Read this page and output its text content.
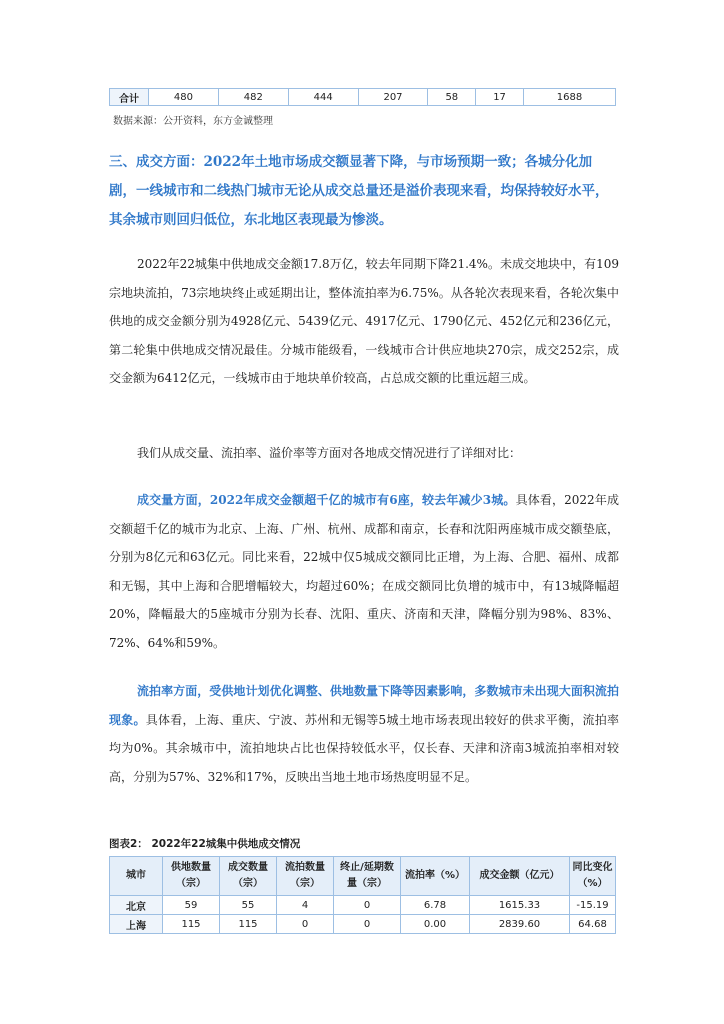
合计	480	482	444	207	58	17	1688
数据来源：公开资料，东方金诚整理
三、成交方面：2022年土地市场成交额显著下降，与市场预期一致；各城分化加剧，一线城市和二线热门城市无论从成交总量还是溢价表现来看，均保持较好水平，其余城市则回归低位，东北地区表现最为惨淡。
2022年22城集中供地成交金额17.8万亿，较去年同期下降21.4%。未成交地块中，有109宗地块流拍，73宗地块终止或延期出让，整体流拍率为6.75%。从各轮次表现来看，各轮次集中供地的成交金额分别为4928亿元、5439亿元、4917亿元、1790亿元、452亿元和236亿元，第二轮集中供地成交情况最佳。分城市能级看，一线城市合计供应地块270宗，成交252宗，成交金额为6412亿元，一线城市由于地块单价较高，占总成交额的比重远超三成。
我们从成交量、流拍率、溢价率等方面对各地成交情况进行了详细对比：
成交量方面，2022年成交金额超千亿的城市有6座，较去年减少3城。具体看，2022年成交额超千亿的城市为北京、上海、广州、杭州、成都和南京，长春和沈阳两座城市成交额垫底，分别为8亿元和63亿元。同比来看，22城中仅5城成交额同比正增，为上海、合肥、福州、成都和无锡，其中上海和合肥增幅较大，均超过60%；在成交额同比负增的城市中，有13城降幅超20%，降幅最大的5座城市分别为长春、沈阳、重庆、济南和天津，降幅分别为98%、83%、72%、64%和59%。
流拍率方面，受供地计划优化调整、供地数量下降等因素影响，多数城市未出现大面积流拍现象。具体看，上海、重庆、宁波、苏州和无锡等5城土地市场表现出较好的供求平衡，流拍率均为0%。其余城市中，流拍地块占比也保持较低水平，仅长春、天津和济南3城流拍率相对较高，分别为57%、32%和17%，反映出当地土地市场热度明显不足。
图表2： 2022年22城集中供地成交情况
城市	供地数量（宗）	成交数量（宗）	流拍数量（宗）	终止/延期数量（宗）	流拍率（%）	成交金额（亿元）	同比变化（%）
北京	59	55	4	0	6.78	1615.33	-15.19
上海	115	115	0	0	0.00	2839.60	64.68
